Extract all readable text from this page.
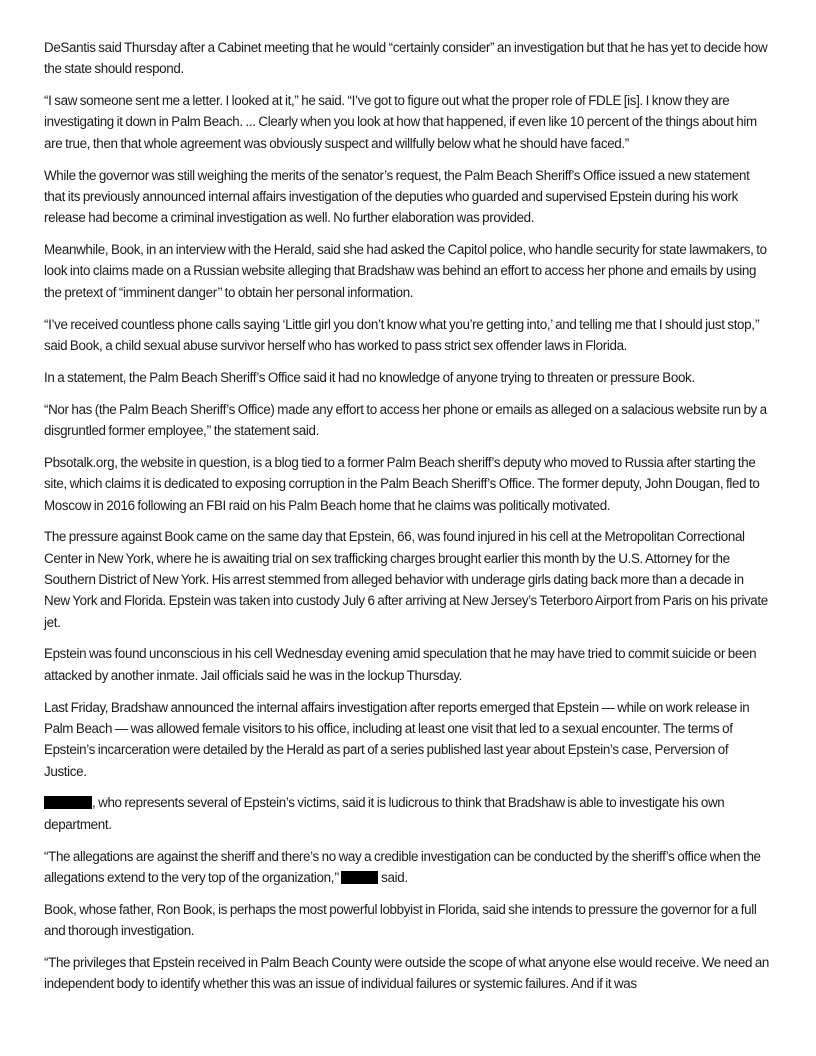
DeSantis said Thursday after a Cabinet meeting that he would “certainly consider” an investigation but that he has yet to decide how the state should respond.

“I saw someone sent me a letter. I looked at it,” he said. “I’ve got to figure out what the proper role of FDLE [is]. I know they are investigating it down in Palm Beach. ... Clearly when you look at how that happened, if even like 10 percent of the things about him are true, then that whole agreement was obviously suspect and willfully below what he should have faced.”

While the governor was still weighing the merits of the senator’s request, the Palm Beach Sheriff’s Office issued a new statement that its previously announced internal affairs investigation of the deputies who guarded and supervised Epstein during his work release had become a criminal investigation as well. No further elaboration was provided.

Meanwhile, Book, in an interview with the Herald, said she had asked the Capitol police, who handle security for state lawmakers, to look into claims made on a Russian website alleging that Bradshaw was behind an effort to access her phone and emails by using the pretext of “imminent danger’’ to obtain her personal information.

“I’ve received countless phone calls saying ‘Little girl you don’t know what you’re getting into,’ and telling me that I should just stop,’’ said Book, a child sexual abuse survivor herself who has worked to pass strict sex offender laws in Florida.

In a statement, the Palm Beach Sheriff’s Office said it had no knowledge of anyone trying to threaten or pressure Book.

“Nor has (the Palm Beach Sheriff’s Office) made any effort to access her phone or emails as alleged on a salacious website run by a disgruntled former employee,’’ the statement said.

Pbsotalk.org, the website in question, is a blog tied to a former Palm Beach sheriff’s deputy who moved to Russia after starting the site, which claims it is dedicated to exposing corruption in the Palm Beach Sheriff’s Office. The former deputy, John Dougan, fled to Moscow in 2016 following an FBI raid on his Palm Beach home that he claims was politically motivated.

The pressure against Book came on the same day that Epstein, 66, was found injured in his cell at the Metropolitan Correctional Center in New York, where he is awaiting trial on sex trafficking charges brought earlier this month by the U.S. Attorney for the Southern District of New York. His arrest stemmed from alleged behavior with underage girls dating back more than a decade in New York and Florida. Epstein was taken into custody July 6 after arriving at New Jersey’s Teterboro Airport from Paris on his private jet.

Epstein was found unconscious in his cell Wednesday evening amid speculation that he may have tried to commit suicide or been attacked by another inmate. Jail officials said he was in the lockup Thursday.

Last Friday, Bradshaw announced the internal affairs investigation after reports emerged that Epstein — while on work release in Palm Beach — was allowed female visitors to his office, including at least one visit that led to a sexual encounter. The terms of Epstein’s incarceration were detailed by the Herald as part of a series published last year about Epstein’s case, Perversion of Justice.

, who represents several of Epstein’s victims, said it is ludicrous to think that Bradshaw is able to investigate his own department.

“The allegations are against the sheriff and there’s no way a credible investigation can be conducted by the sheriff’s office when the allegations extend to the very top of the organization,’’	said.

Book, whose father, Ron Book, is perhaps the most powerful lobbyist in Florida, said she intends to pressure the governor for a full and thorough investigation.

“The privileges that Epstein received in Palm Beach County were outside the scope of what anyone else would receive. We need an independent body to identify whether this was an issue of individual failures or systemic failures. And if it was
